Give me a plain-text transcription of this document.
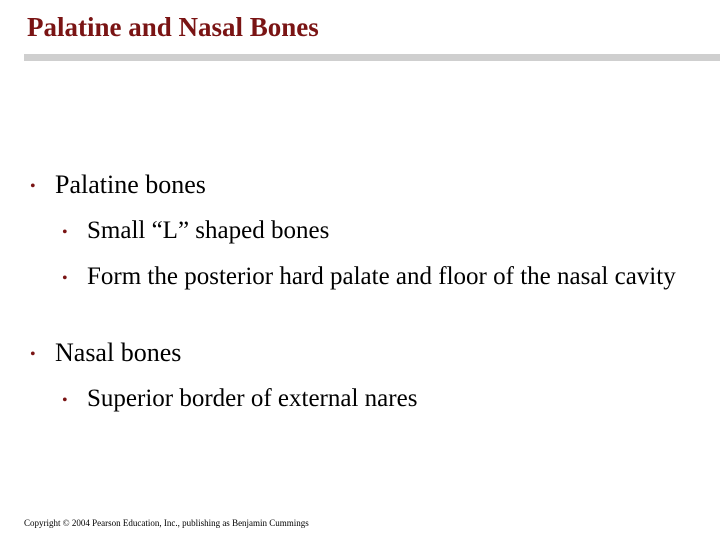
Palatine and Nasal Bones
• Palatine bones
• Small “L” shaped bones
• Form the posterior hard palate and floor of the nasal cavity
• Nasal bones
• Superior border of external nares
Copyright © 2004 Pearson Education, Inc., publishing as Benjamin Cummings
